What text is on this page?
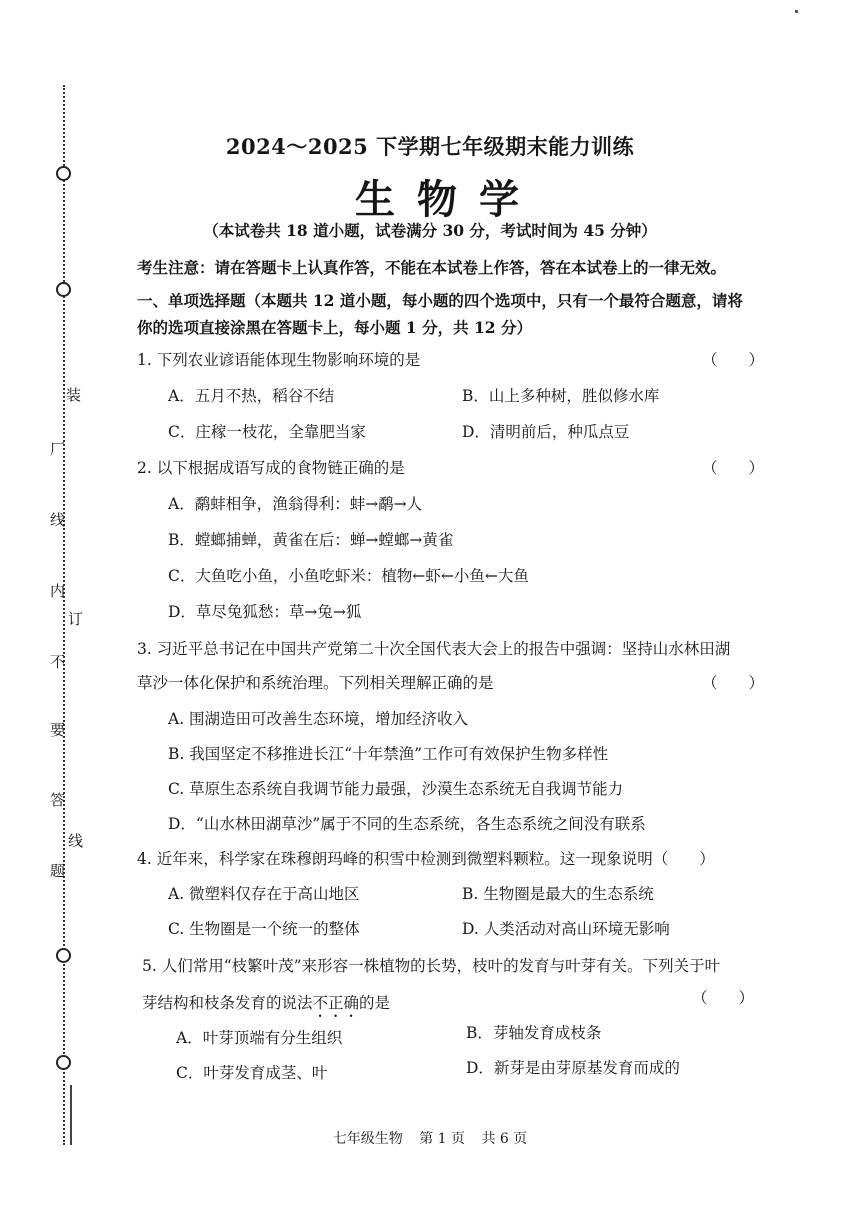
装
厂
线
内
不
要
答
题
订
线
2024～2025 下学期七年级期末能力训练
生物学
（本试卷共 18 道小题，试卷满分 30 分，考试时间为 45 分钟）
考生注意：请在答题卡上认真作答，不能在本试卷上作答，答在本试卷上的一律无效。
一、单项选择题（本题共 12 道小题，每小题的四个选项中，只有一个最符合题意，请将
你的选项直接涂黑在答题卡上，每小题 1 分，共 12 分）
1. 下列农业谚语能体现生物影响环境的是	（　　）
A．五月不热，稻谷不结	B．山上多种树，胜似修水库
C．庄稼一枝花，全靠肥当家	D．清明前后，种瓜点豆
2. 以下根据成语写成的食物链正确的是	（　　）
A．鹬蚌相争，渔翁得利：蚌→鹬→人
B．螳螂捕蝉，黄雀在后：蝉→螳螂→黄雀
C．大鱼吃小鱼，小鱼吃虾米：植物←虾←小鱼←大鱼
D．草尽兔狐愁：草→兔→狐
3. 习近平总书记在中国共产党第二十次全国代表大会上的报告中强调：坚持山水林田湖
草沙一体化保护和系统治理。下列相关理解正确的是	（　　）
A. 围湖造田可改善生态环境，增加经济收入
B. 我国坚定不移推进长江“十年禁渔”工作可有效保护生物多样性
C. 草原生态系统自我调节能力最强，沙漠生态系统无自我调节能力
D．“山水林田湖草沙”属于不同的生态系统，各生态系统之间没有联系
4. 近年来，科学家在珠穆朗玛峰的积雪中检测到微塑料颗粒。这一现象说明（　　）
A. 微塑料仅存在于高山地区	B. 生物圈是最大的生态系统
C. 生物圈是一个统一的整体	D. 人类活动对高山环境无影响
5. 人们常用“枝繁叶茂”来形容一株植物的长势，枝叶的发育与叶芽有关。下列关于叶
芽结构和枝条发育的说法不正确的是	（　　）
A．叶芽顶端有分生组织	B．芽轴发育成枝条
C．叶芽发育成茎、叶	D．新芽是由芽原基发育而成的
七年级生物 第 1 页 共 6 页
